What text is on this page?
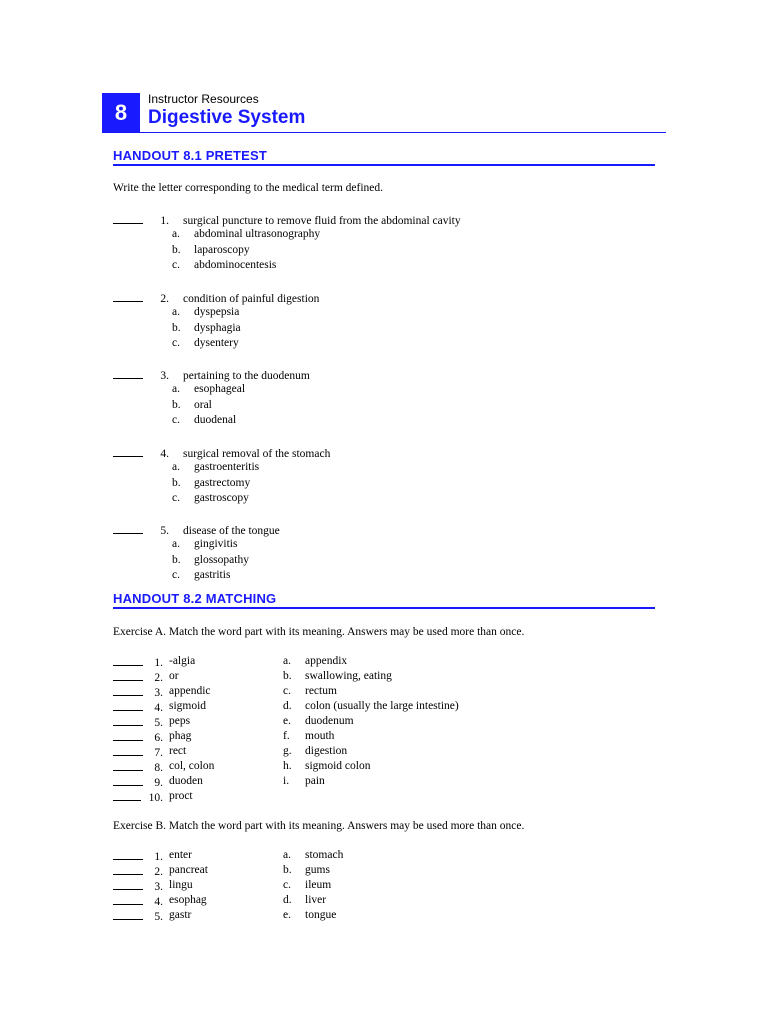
8
Instructor Resources
Digestive System
HANDOUT 8.1 PRETEST
Write the letter corresponding to the medical term defined.
1. surgical puncture to remove fluid from the abdominal cavity
a. abdominal ultrasonography
b. laparoscopy
c. abdominocentesis
2. condition of painful digestion
a. dyspepsia
b. dysphagia
c. dysentery
3. pertaining to the duodenum
a. esophageal
b. oral
c. duodenal
4. surgical removal of the stomach
a. gastroenteritis
b. gastrectomy
c. gastroscopy
5. disease of the tongue
a. gingivitis
b. glossopathy
c. gastritis
HANDOUT 8.2 MATCHING
Exercise A. Match the word part with its meaning. Answers may be used more than once.
1. -algia	a.	appendix
2. or	b.	swallowing, eating
3. appendic	c.	rectum
4. sigmoid	d.	colon (usually the large intestine)
5. peps	e.	duodenum
6. phag	f.	mouth
7. rect	g.	digestion
8. col, colon	h.	sigmoid colon
9. duoden	i.	pain
10. proct
Exercise B. Match the word part with its meaning. Answers may be used more than once.
1. enter	a.	stomach
2. pancreat	b.	gums
3. lingu	c.	ileum
4. esophag	d.	liver
5. gastr	e.	tongue
